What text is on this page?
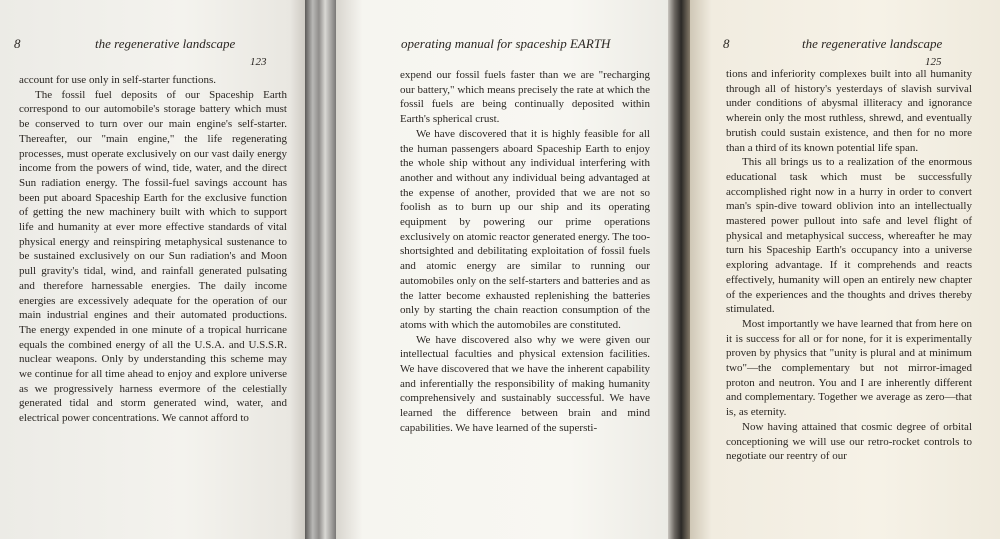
8	the regenerative landscape
123

account for use only in self-starter functions.

The fossil fuel deposits of our Spaceship Earth correspond to our automobile's storage battery which must be conserved to turn over our main engine's self-starter. Thereafter, our "main engine," the life regenerating processes, must operate exclusively on our vast daily energy income from the powers of wind, tide, water, and the direct Sun radiation energy. The fossil-fuel savings account has been put aboard Spaceship Earth for the exclusive function of getting the new machinery built with which to support life and humanity at ever more effective standards of vital physical energy and reinspiring metaphysical sustenance to be sustained exclusively on our Sun radiation's and Moon pull gravity's tidal, wind, and rainfall generated pulsating and therefore harnessable energies. The daily income energies are excessively adequate for the operation of our main industrial engines and their automated productions. The energy expended in one minute of a tropical hurricane equals the combined energy of all the U.S.A. and U.S.S.R. nuclear weapons. Only by understanding this scheme may we continue for all time ahead to enjoy and explore universe as we progressively harness evermore of the celestially generated tidal and storm generated wind, water, and electrical power concentrations. We cannot afford to

operating manual for spaceship EARTH

expend our fossil fuels faster than we are "recharging our battery," which means precisely the rate at which the fossil fuels are being continually deposited within Earth's spherical crust.

We have discovered that it is highly feasible for all the human passengers aboard Spaceship Earth to enjoy the whole ship without any individual interfering with another and without any individual being advantaged at the expense of another, provided that we are not so foolish as to burn up our ship and its operating equipment by powering our prime operations exclusively on atomic reactor generated energy. The too-shortsighted and debilitating exploitation of fossil fuels and atomic energy are similar to running our automobiles only on the self-starters and batteries and as the latter become exhausted replenishing the batteries only by starting the chain reaction consumption of the atoms with which the automobiles are constituted.

We have discovered also why we were given our intellectual faculties and physical extension facilities. We have discovered that we have the inherent capability and inferentially the responsibility of making humanity comprehensively and sustainably successful. We have learned the difference between brain and mind capabilities. We have learned of the supersti-

8	the regenerative landscape
125

tions and inferiority complexes built into all humanity through all of history's yesterdays of slavish survival under conditions of abysmal illiteracy and ignorance wherein only the most ruthless, shrewd, and eventually brutish could sustain existence, and then for no more than a third of its known potential life span.

This all brings us to a realization of the enormous educational task which must be successfully accomplished right now in a hurry in order to convert man's spin-dive toward oblivion into an intellectually mastered power pullout into safe and level flight of physical and metaphysical success, whereafter he may turn his Spaceship Earth's occupancy into a universe exploring advantage. If it comprehends and reacts effectively, humanity will open an entirely new chapter of the experiences and the thoughts and drives thereby stimulated.

Most importantly we have learned that from here on it is success for all or for none, for it is experimentally proven by physics that "unity is plural and at minimum two"—the complementary but not mirror-imaged proton and neutron. You and I are inherently different and complementary. Together we average as zero—that is, as eternity.

Now having attained that cosmic degree of orbital conceptioning we will use our retro-rocket controls to negotiate our reentry of our
